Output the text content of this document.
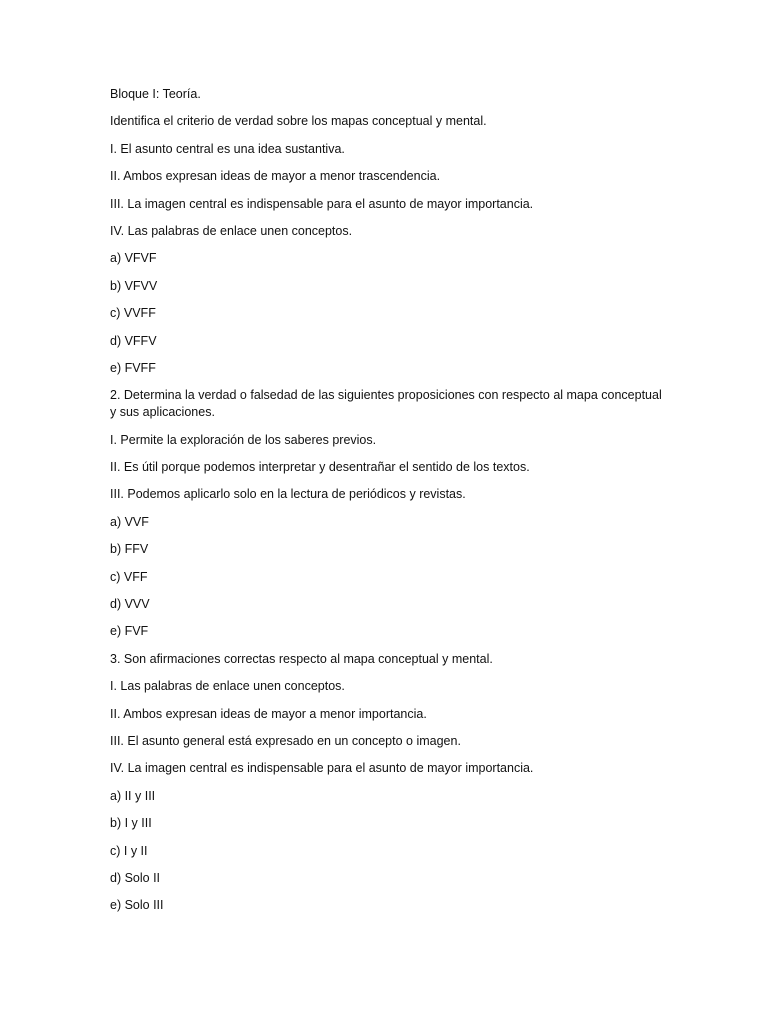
Bloque I: Teoría.

Identifica el criterio de verdad sobre los mapas conceptual y mental.

I. El asunto central es una idea sustantiva.

II. Ambos expresan ideas de mayor a menor trascendencia.

III. La imagen central es indispensable para el asunto de mayor importancia.

IV. Las palabras de enlace unen conceptos.

a) VFVF

b) VFVV

c) VVFF

d) VFFV

e) FVFF

2. Determina la verdad o falsedad de las siguientes proposiciones con respecto al mapa conceptual y sus aplicaciones.

I. Permite la exploración de los saberes previos.

II. Es útil porque podemos interpretar y desentrañar el sentido de los textos.

III. Podemos aplicarlo solo en la lectura de periódicos y revistas.

a) VVF

b) FFV

c) VFF

d) VVV

e) FVF

3. Son afirmaciones correctas respecto al mapa conceptual y mental.

I. Las palabras de enlace unen conceptos.

II. Ambos expresan ideas de mayor a menor importancia.

III. El asunto general está expresado en un concepto o imagen.

IV. La imagen central es indispensable para el asunto de mayor importancia.

a) II y III

b) I y III

c) I y II

d) Solo II

e) Solo III
